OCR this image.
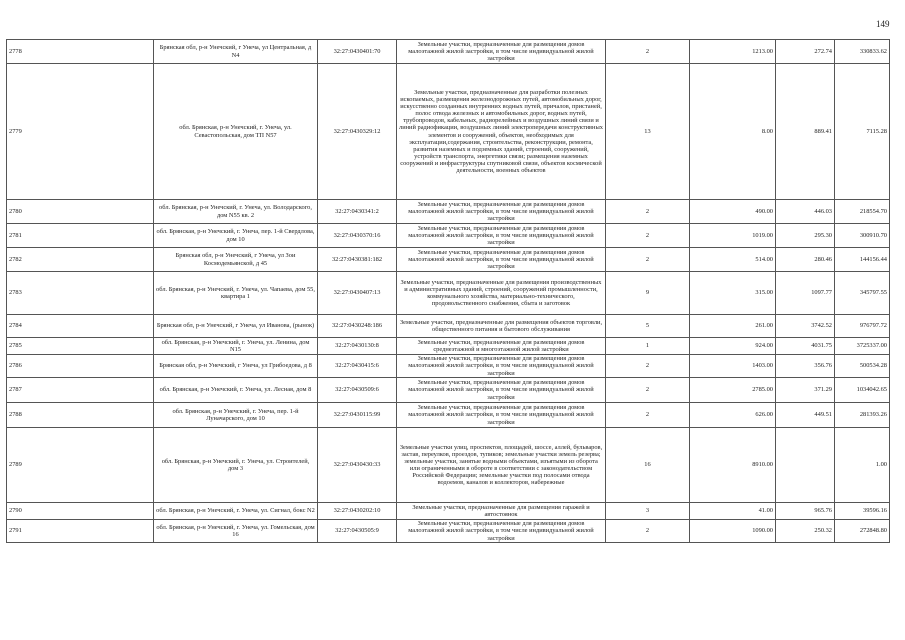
149
2778	Брянская обл, р-н Унечский, г Унеча, ул Центральная, д N4	32:27:0430401:70	Земельные участки, предназначенные для размещения домов малоэтажной жилой застройки, в том числе индивидуальной жилой застройки	2	1213.00	272.74	330833.62
2779	обл. Брянская, р-н Унечский, г. Унеча, ул. Севастопольская, дом ТП N57	32:27:0430329:12	Земельные участки, предназначенные для разработки полезных ископаемых, размещения железнодорожных путей, автомобильных дорог, искусственно созданных внутренних водных путей, причалов, пристаней, полос отвода железных и автомобильных дорог, водных путей, трубопроводов, кабельных, радиорелейных и воздушных линий связи и линий радиофикации, воздушных линий электропередачи конструктивных элементов и сооружений, объектов, необходимых для эксплуатации,содержания, строительства, реконструкции, ремонта, развития наземных и подземных зданий, строений, сооружений, устройств транспорта, энергетики связи; размещения наземных сооружений и инфраструктуры спутниковой связи, объектов космической деятельности, военных объектов	13	8.00	889.41	7115.28
2780	обл. Брянская, р-н Унечский, г. Унеча, ул. Володарского, дом N55 кв. 2	32:27:0430341:2	Земельные участки, предназначенные для размещения домов малоэтажной жилой застройки, в том числе индивидуальной жилой застройки	2	490.00	446.03	218554.70
2781	обл. Брянская, р-н Унечский, г. Унеча, пер. 1-й Свердлова, дом 10	32:27:0430370:16	Земельные участки, предназначенные для размещения домов малоэтажной жилой застройки, в том числе индивидуальной жилой застройки	2	1019.00	295.30	300910.70
2782	Брянская обл, р-н Унечский, г Унеча, ул Зои Космодемьянской, д 45	32:27:0430381:182	Земельные участки, предназначенные для размещения домов малоэтажной жилой застройки, в том числе индивидуальной жилой застройки	2	514.00	280.46	144156.44
2783	обл. Брянская, р-н Унечский, г. Унеча, ул. Чапаева, дом 55, квартира 1	32:27:0430407:13	Земельные участки, предназначенные для размещения производственных и административных зданий, строений, сооружений промышленности, коммунального хозяйства, материально-технического, продовольственного снабжения, сбыта и заготовок	9	315.00	1097.77	345797.55
2784	Брянская обл, р-н Унечский, г Унеча, ул Иванова, (рынок)	32:27:0430248:186	Земельные участки, предназначенные для размещения объектов торговли, общественного питания и бытового обслуживания	5	261.00	3742.52	976797.72
2785	обл. Брянская, р-н Унечский, г. Унеча, ул. Ленина, дом N15	32:27:0430130:8	Земельные участки, предназначенные для размещения домов среднеэтажной и многоэтажной жилой застройки	1	924.00	4031.75	3725337.00
2786	Брянская обл, р-н Унечский, г Унеча, ул Грибоедова, д 8	32:27:0430415:6	Земельные участки, предназначенные для размещения домов малоэтажной жилой застройки, в том числе индивидуальной жилой застройки	2	1403.00	356.76	500534.28
2787	обл. Брянская, р-н Унечский, г. Унеча, ул. Лесная, дом 8	32:27:0430509:6	Земельные участки, предназначенные для размещения домов малоэтажной жилой застройки, в том числе индивидуальной жилой застройки	2	2785.00	371.29	1034042.65
2788	обл. Брянская, р-н Унечский, г. Унеча, пер. 1-й Луначарского, дом 10	32:27:0430115:99	Земельные участки, предназначенные для размещения домов малоэтажной жилой застройки, в том числе индивидуальной жилой застройки	2	626.00	449.51	281393.26
2789	обл. Брянская, р-н Унечский, г. Унеча, ул. Строителей, дом 3	32:27:0430430:33	Земельные участки улиц, проспектов, площадей, шоссе, аллей, бульваров, застав, переулков, проездов, тупиков; земельные участки земель резерва; земельные участки, занятые водными объектами, изъятыми из оборота или ограниченными в обороте в соответствии с законодательством Российской Федерации; земельные участки под полосами отвода водоемов, каналов и коллекторов, набережные	16	8910.00		1.00
2790	обл. Брянская, р-н Унечский, г. Унеча, ул. Сигнал, бокс N2	32:27:0430202:10	Земельные участки, предназначенные для размещения гаражей и автостоянок	3	41.00	965.76	39596.16
2791	обл. Брянская, р-н Унечский, г. Унеча, ул. Гомельская, дом 16	32:27:0430505:9	Земельные участки, предназначенные для размещения домов малоэтажной жилой застройки, в том числе индивидуальной жилой застройки	2	1090.00	250.32	272848.80
